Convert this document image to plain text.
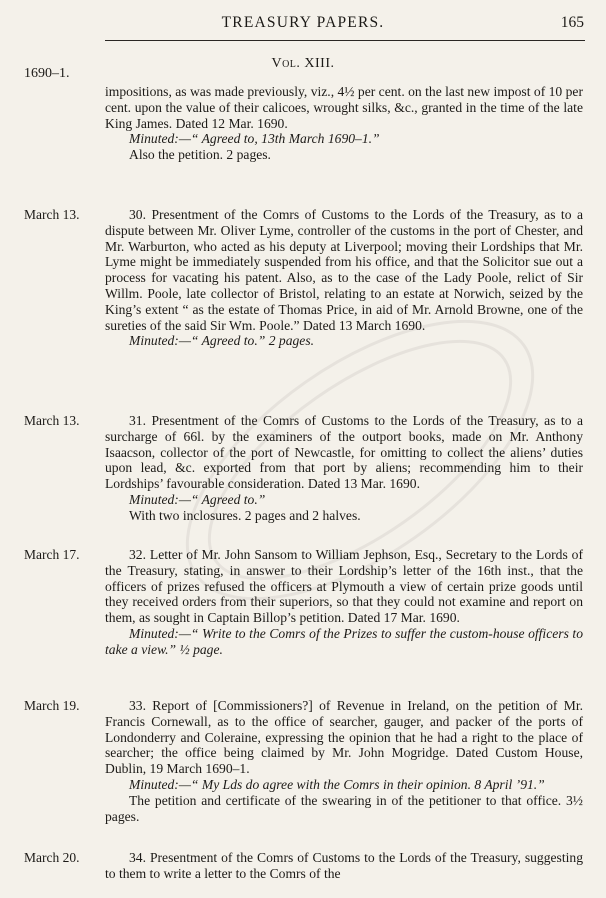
TREASURY PAPERS.	165
Vol. XIII.
1690–1.

impositions, as was made previously, viz., 4½ per cent. on the last new impost of 10 per cent. upon the value of their calicoes, wrought silks, &c., granted in the time of the late King James. Dated 12 Mar. 1690.

Minuted:—“ Agreed to, 13th March 1690–1.”

Also the petition. 2 pages.

March 13.	30. Presentment of the Comrs of Customs to the Lords of the Treasury, as to a dispute between Mr. Oliver Lyme, controller of the customs in the port of Chester, and Mr. Warburton, who acted as his deputy at Liverpool; moving their Lordships that Mr. Lyme might be immediately suspended from his office, and that the Solicitor sue out a process for vacating his patent. Also, as to the case of the Lady Poole, relict of Sir Willm. Poole, late collector of Bristol, relating to an estate at Norwich, seized by the King’s extent “ as the estate of Thomas Price, in aid of Mr. Arnold Browne, one of the sureties of the said Sir Wm. Poole.” Dated 13 March 1690.

Minuted:—“ Agreed to.” 2 pages.

March 13.	31. Presentment of the Comrs of Customs to the Lords of the Treasury, as to a surcharge of 66l. by the examiners of the outport books, made on Mr. Anthony Isaacson, collector of the port of Newcastle, for omitting to collect the aliens’ duties upon lead, &c. exported from that port by aliens; recommending him to their Lordships’ favourable consideration. Dated 13 Mar. 1690.

Minuted:—“ Agreed to.”

With two inclosures. 2 pages and 2 halves.

March 17.	32. Letter of Mr. John Sansom to William Jephson, Esq., Secretary to the Lords of the Treasury, stating, in answer to their Lordship’s letter of the 16th inst., that the officers of prizes refused the officers at Plymouth a view of certain prize goods until they received orders from their superiors, so that they could not examine and report on them, as sought in Captain Billop’s petition. Dated 17 Mar. 1690.

Minuted:—“ Write to the Comrs of the Prizes to suffer the custom-house officers to take a view.” ½ page.

March 19.	33. Report of [Commissioners?] of Revenue in Ireland, on the petition of Mr. Francis Cornewall, as to the office of searcher, gauger, and packer of the ports of Londonderry and Coleraine, expressing the opinion that he had a right to the place of searcher; the office being claimed by Mr. John Mogridge. Dated Custom House, Dublin, 19 March 1690–1.

Minuted:—“ My Lds do agree with the Comrs in their opinion. 8 April ’91.”

The petition and certificate of the swearing in of the petitioner to that office. 3½ pages.

March 20.	34. Presentment of the Comrs of Customs to the Lords of the Treasury, suggesting to them to write a letter to the Comrs of the
